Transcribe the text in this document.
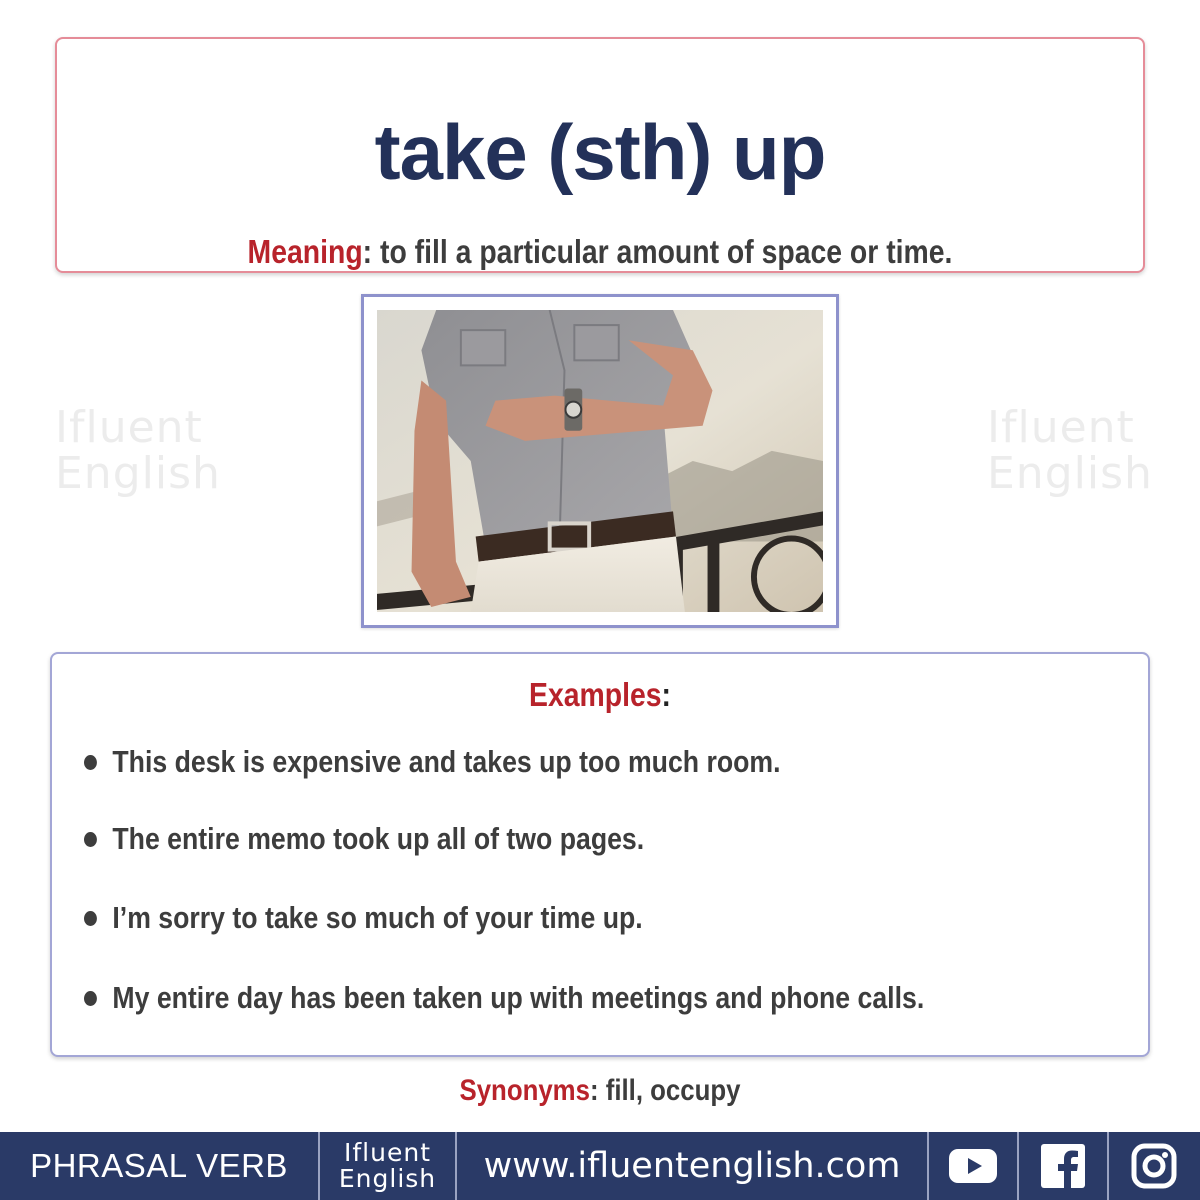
take (sth) up
Meaning: to fill a particular amount of space or time.
Ifluent
English
Ifluent
English
Examples:
This desk is expensive and takes up too much room.
The entire memo took up all of two pages.
I’m sorry to take so much of your time up.
My entire day has been taken up with meetings and phone calls.
Synonyms: fill, occupy
PHRASAL VERB	Ifluent
English	www.ifluentenglish.com
